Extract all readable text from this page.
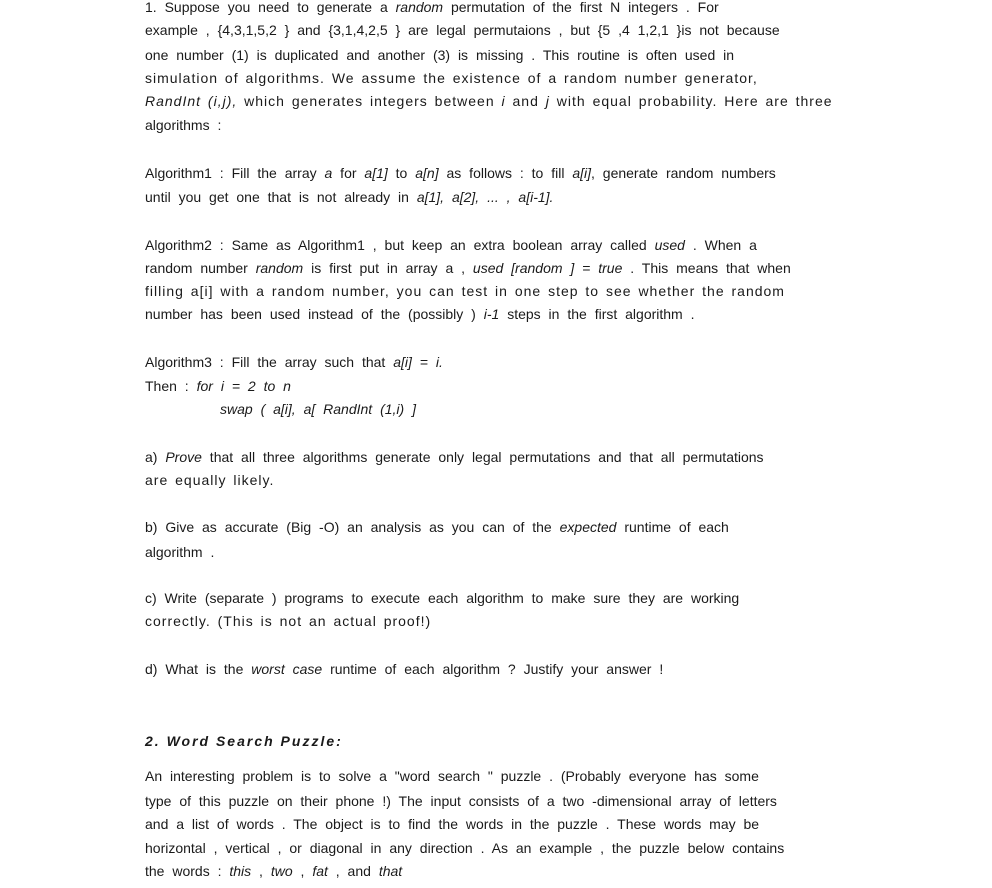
1. Suppose you need to generate a random permutation of the first N integers . For
example , {4,3,1,5,2 } and {3,1,4,2,5 } are legal permutaions , but {5 ,4 1,2,1 }is not because
one number (1) is duplicated and another (3) is missing . This routine is often used in
simulation of algorithms. We assume the existence of a random number generator,
RandInt (i,j), which generates integers between i and j with equal probability. Here are three
algorithms :
Algorithm1 : Fill the array a for a[1] to a[n] as follows : to fill a[i], generate random numbers
until you get one that is not already in a[1], a[2], ... , a[i-1].
Algorithm2 : Same as Algorithm1 , but keep an extra boolean array called used . When a
random number random is first put in array a , used [random ] = true . This means that when
filling a[i] with a random number, you can test in one step to see whether the random
number has been used instead of the (possibly ) i-1 steps in the first algorithm .
Algorithm3 : Fill the array such that a[i] = i.
Then : for i = 2 to n
swap ( a[i], a[ RandInt (1,i) ]
a) Prove that all three algorithms generate only legal permutations and that all permutations
are equally likely.
b) Give as accurate (Big -O) an analysis as you can of the expected runtime of each
algorithm .
c) Write (separate ) programs to execute each algorithm to make sure they are working
correctly. (This is not an actual proof!)
d) What is the worst case runtime of each algorithm ? Justify your answer !
2. Word Search Puzzle:
An interesting problem is to solve a "word search " puzzle . (Probably everyone has some
type of this puzzle on their phone !) The input consists of a two -dimensional array of letters
and a list of words . The object is to find the words in the puzzle . These words may be
horizontal , vertical , or diagonal in any direction . As an example , the puzzle below contains
the words : this , two , fat , and that
